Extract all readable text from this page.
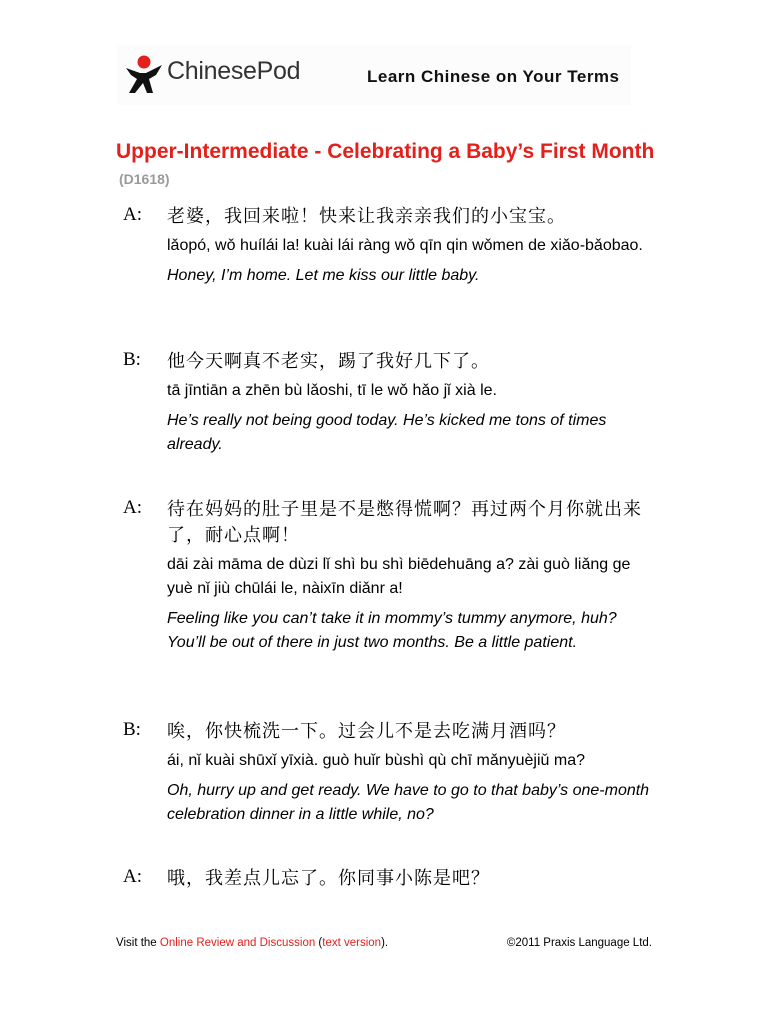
ChinesePod	Learn Chinese on Your Terms
Upper-Intermediate - Celebrating a Baby’s First Month
(D1618)
A: 老婆，我回来啦！快来让我亲亲我们的小宝宝。
lǎopó, wǒ huílái la! kuài lái ràng wǒ qīn qin wǒmen de xiǎo-bǎobao.
Honey, I’m home. Let me kiss our little baby.
B: 他今天啊真不老实，踢了我好几下了。
tā jīntiān a zhēn bù lǎoshi, tī le wǒ hǎo jǐ xià le.
He’s really not being good today. He’s kicked me tons of times already.
A: 待在妈妈的肚子里是不是憋得慌啊？再过两个月你就出来了，耐心点啊！
dāi zài māma de dùzi lǐ shì bu shì biēdehuāng a? zài guò liǎng ge yuè nǐ jiù chūlái le, nàixīn diǎnr a!
Feeling like you can’t take it in mommy’s tummy anymore, huh? You’ll be out of there in just two months. Be a little patient.
B: 唉，你快梳洗一下。过会儿不是去吃满月酒吗？
ái, nǐ kuài shūxǐ yīxià. guò huǐr bùshì qù chī mǎnyuèjiǔ ma?
Oh, hurry up and get ready. We have to go to that baby’s one-month celebration dinner in a little while, no?
A: 哦，我差点儿忘了。你同事小陈是吧？
Visit the Online Review and Discussion (text version).	©2011 Praxis Language Ltd.
